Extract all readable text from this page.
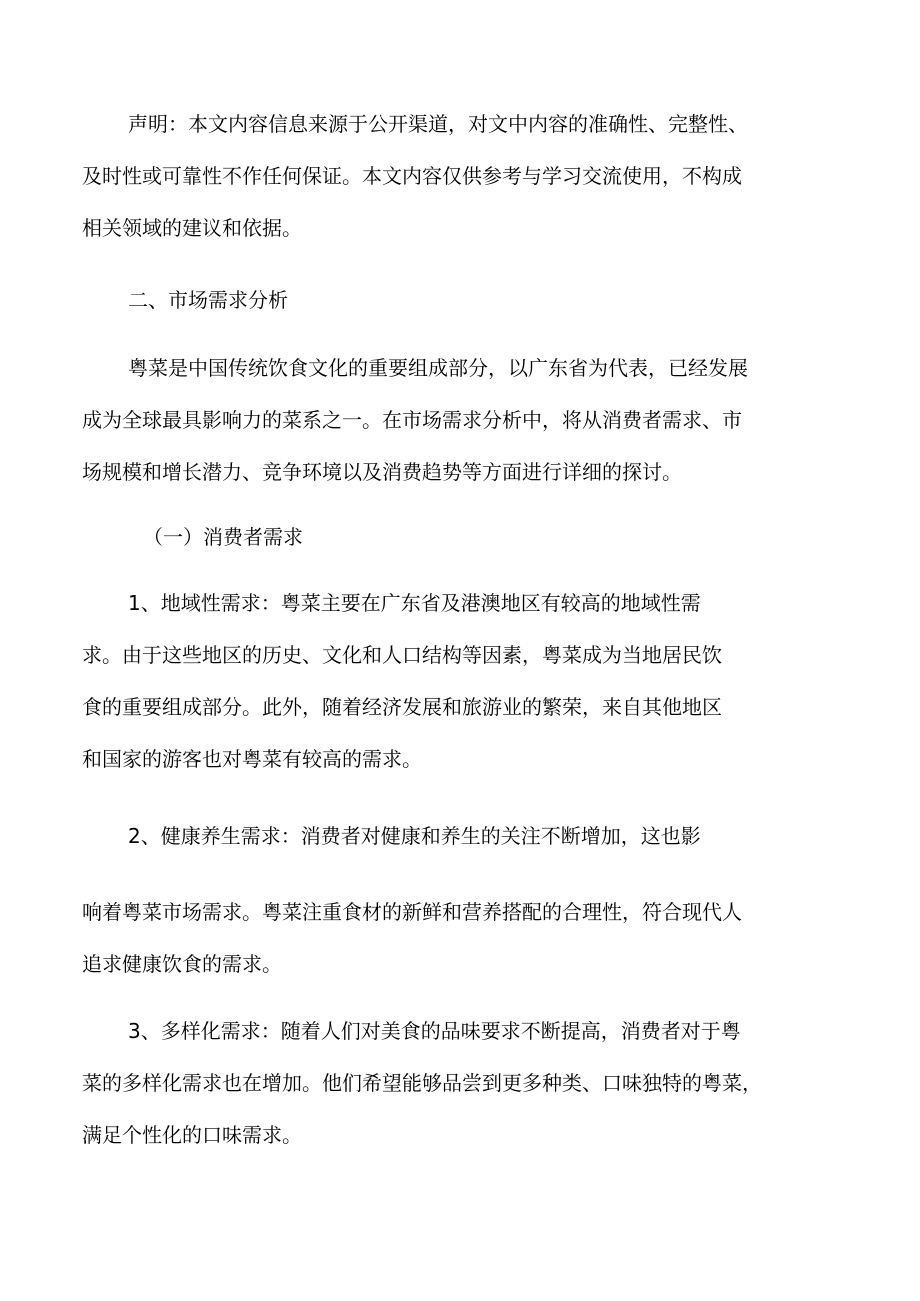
声明：本文内容信息来源于公开渠道，对文中内容的准确性、完整性、

及时性或可靠性不作任何保证。本文内容仅供参考与学习交流使用，不构成

相关领域的建议和依据。

二、市场需求分析

粤菜是中国传统饮食文化的重要组成部分，以广东省为代表，已经发展

成为全球最具影响力的菜系之一。在市场需求分析中，将从消费者需求、市

场规模和增长潜力、竞争环境以及消费趋势等方面进行详细的探讨。

（一）消费者需求

1、地域性需求：粤菜主要在广东省及港澳地区有较高的地域性需

求。由于这些地区的历史、文化和人口结构等因素，粤菜成为当地居民饮

食的重要组成部分。此外，随着经济发展和旅游业的繁荣，来自其他地区

和国家的游客也对粤菜有较高的需求。

2、健康养生需求：消费者对健康和养生的关注不断增加，这也影

响着粤菜市场需求。粤菜注重食材的新鲜和营养搭配的合理性，符合现代人

追求健康饮食的需求。

3、多样化需求：随着人们对美食的品味要求不断提高，消费者对于粤

菜的多样化需求也在增加。他们希望能够品尝到更多种类、口味独特的粤菜，

满足个性化的口味需求。
